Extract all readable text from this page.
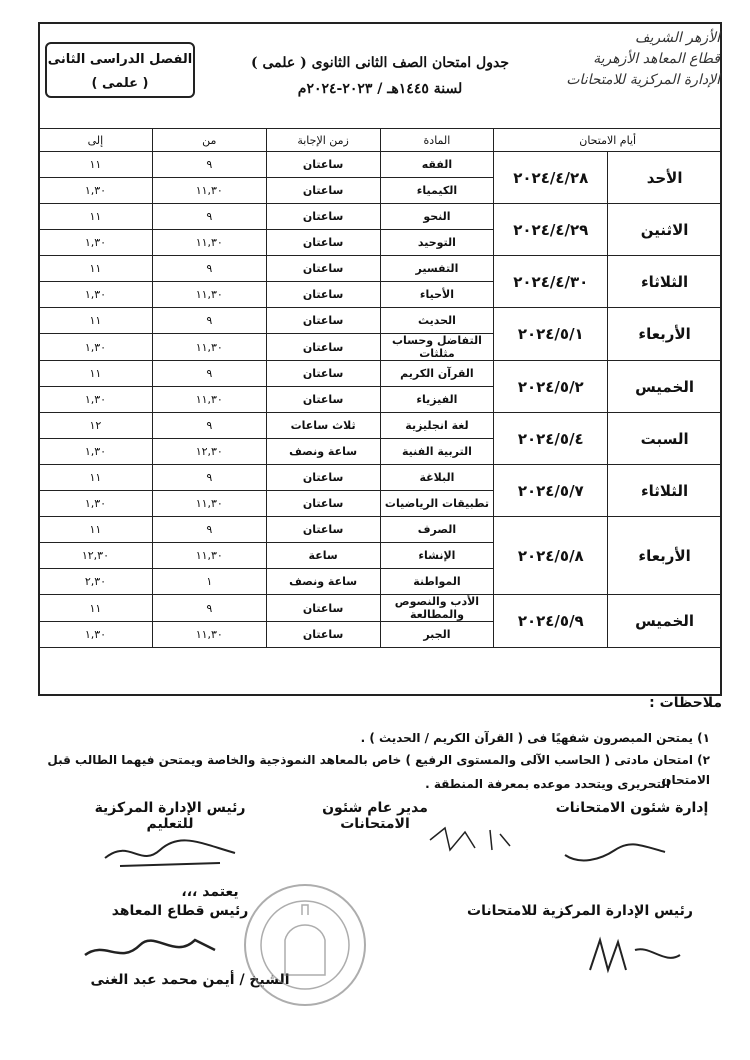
الأزهر الشريف
قطاع المعاهد الأزهرية
الإدارة المركزية للامتحانات
جدول امتحان الصف الثانى الثانوى ( علمى )
لسنة ١٤٤٥هـ / ٢٠٢٣-٢٠٢٤م
الفصل الدراسى الثانى
( علمى )
أيام الامتحان		المادة	زمن الإجابة	من	إلى
الأحد	٢٠٢٤/٤/٢٨	الفقه	ساعتان	٩	١١
		الكيمياء	ساعتان	١١,٣٠	١,٣٠
الاثنين	٢٠٢٤/٤/٢٩	النحو	ساعتان	٩	١١
		التوحيد	ساعتان	١١,٣٠	١,٣٠
الثلاثاء	٢٠٢٤/٤/٣٠	التفسير	ساعتان	٩	١١
		الأحياء	ساعتان	١١,٣٠	١,٣٠
الأربعاء	٢٠٢٤/٥/١	الحديث	ساعتان	٩	١١
		التفاضل وحساب مثلثات	ساعتان	١١,٣٠	١,٣٠
الخميس	٢٠٢٤/٥/٢	القرآن الكريم	ساعتان	٩	١١
		الفيزياء	ساعتان	١١,٣٠	١,٣٠
السبت	٢٠٢٤/٥/٤	لغة انجليزية	ثلاث ساعات	٩	١٢
		التربية الفنية	ساعة ونصف	١٢,٣٠	١,٣٠
الثلاثاء	٢٠٢٤/٥/٧	البلاغة	ساعتان	٩	١١
		تطبيقات الرياضيات	ساعتان	١١,٣٠	١,٣٠
الأربعاء	٢٠٢٤/٥/٨	الصرف	ساعتان	٩	١١
		الإنشاء	ساعة	١١,٣٠	١٢,٣٠
		المواطنة	ساعة ونصف	١	٢,٣٠
الخميس	٢٠٢٤/٥/٩	الأدب والنصوص والمطالعة	ساعتان	٩	١١
		الجبر	ساعتان	١١,٣٠	١,٣٠
ملاحظات :
١) يمتحن المبصرون شفهيًا فى ( القرآن الكريم / الحديث ) .
٢) امتحان مادتى ( الحاسب الآلى والمستوى الرفيع ) خاص بالمعاهد النموذجية والخاصة ويمتحن فيهما الطالب قبل الامتحان
التحريرى ويتحدد موعده بمعرفة المنطقة .
إدارة شئون الامتحانات
مدير عام شئون الامتحانات
رئيس الإدارة المركزية للتعليم
يعتمد ،،،
رئيس قطاع المعاهد
الشيخ / أيمن محمد عبد الغنى
رئيس الإدارة المركزية للامتحانات
